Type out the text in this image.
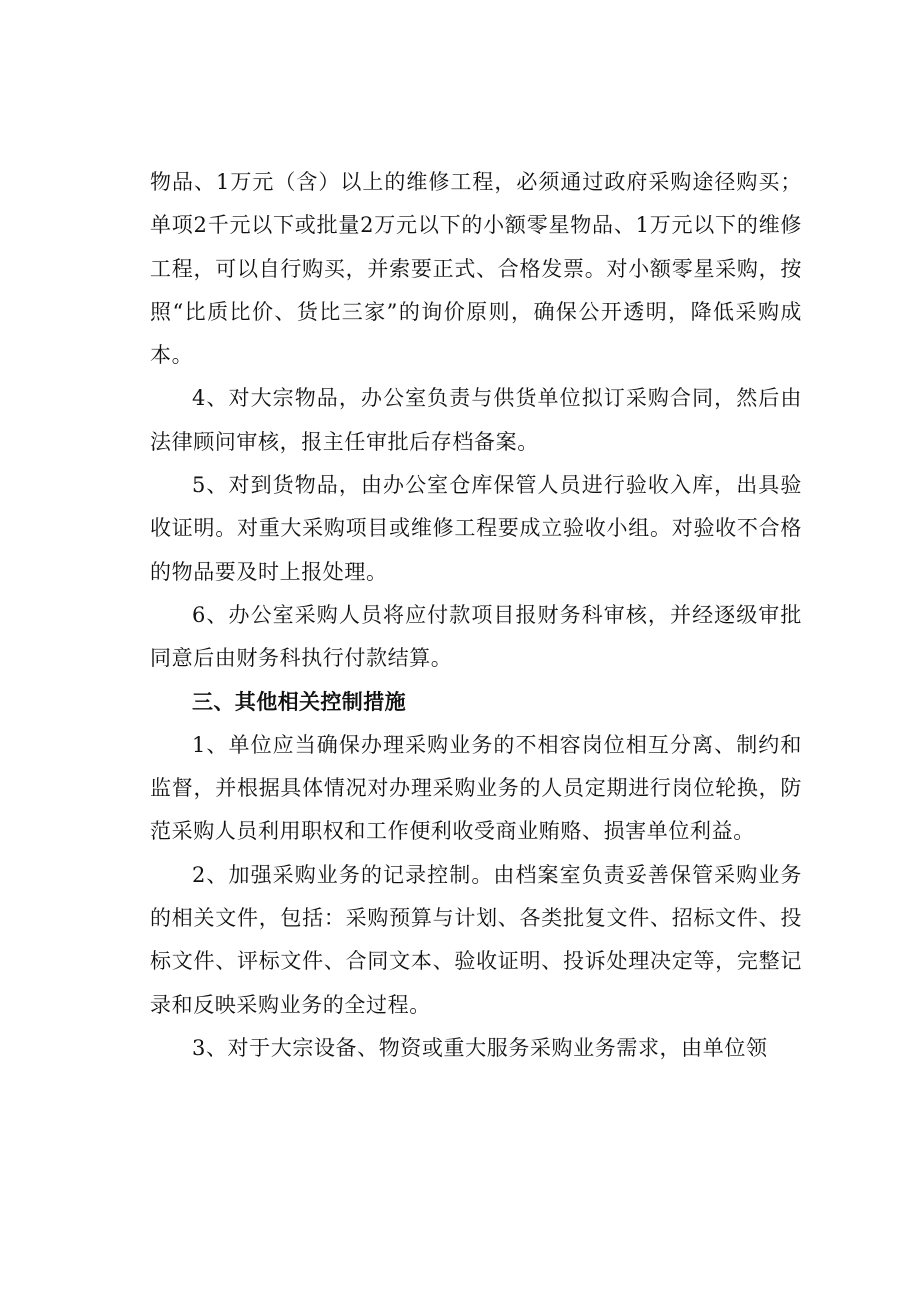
物品、1万元（含）以上的维修工程，必须通过政府采购途径购买；单项2千元以下或批量2万元以下的小额零星物品、1万元以下的维修工程，可以自行购买，并索要正式、合格发票。对小额零星采购，按照“比质比价、货比三家”的询价原则，确保公开透明，降低采购成本。

4、对大宗物品，办公室负责与供货单位拟订采购合同，然后由法律顾问审核，报主任审批后存档备案。

5、对到货物品，由办公室仓库保管人员进行验收入库，出具验收证明。对重大采购项目或维修工程要成立验收小组。对验收不合格的物品要及时上报处理。

6、办公室采购人员将应付款项目报财务科审核，并经逐级审批同意后由财务科执行付款结算。

三、其他相关控制措施

1、单位应当确保办理采购业务的不相容岗位相互分离、制约和监督，并根据具体情况对办理采购业务的人员定期进行岗位轮换，防范采购人员利用职权和工作便利收受商业贿赂、损害单位利益。

2、加强采购业务的记录控制。由档案室负责妥善保管采购业务的相关文件，包括：采购预算与计划、各类批复文件、招标文件、投标文件、评标文件、合同文本、验收证明、投诉处理决定等，完整记录和反映采购业务的全过程。

3、对于大宗设备、物资或重大服务采购业务需求，由单位领
